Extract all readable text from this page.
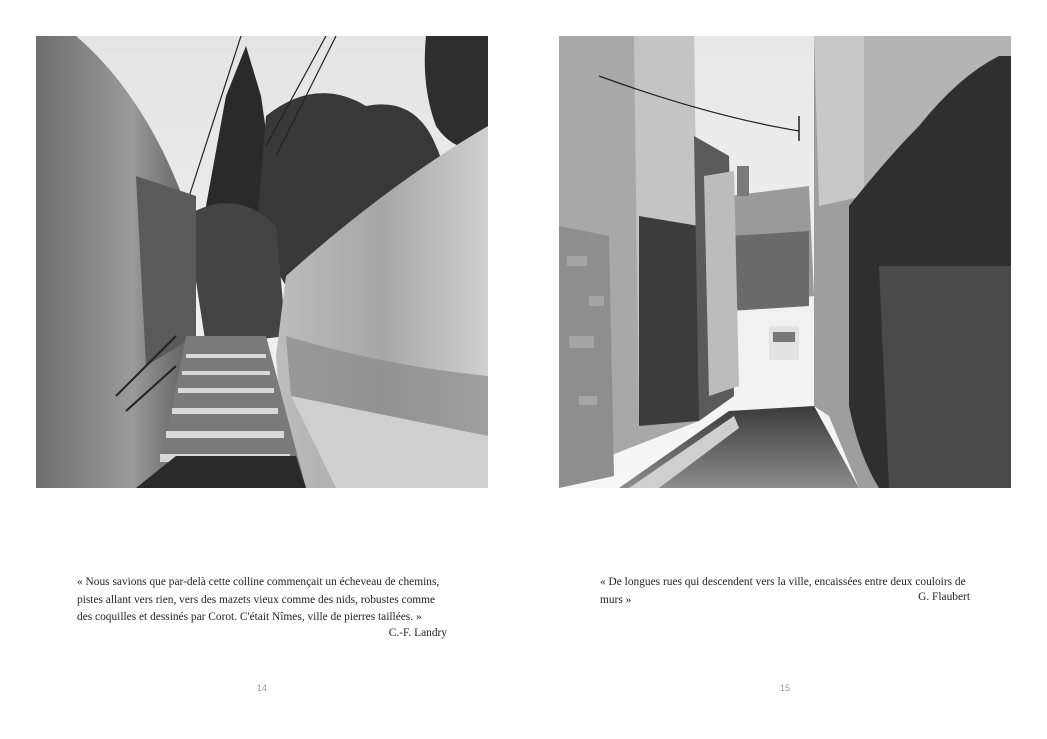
« Nous savions que par-delà cette colline commençait un écheveau de chemins, pistes allant vers rien, vers des mazets vieux comme des nids, robustes comme des coquilles et dessinés par Corot. C'était Nîmes, ville de pierres taillées. »

C.-F. Landry
14

« De longues rues qui descendent vers la ville, encaissées entre deux couloirs de murs »	G. Flaubert
15
